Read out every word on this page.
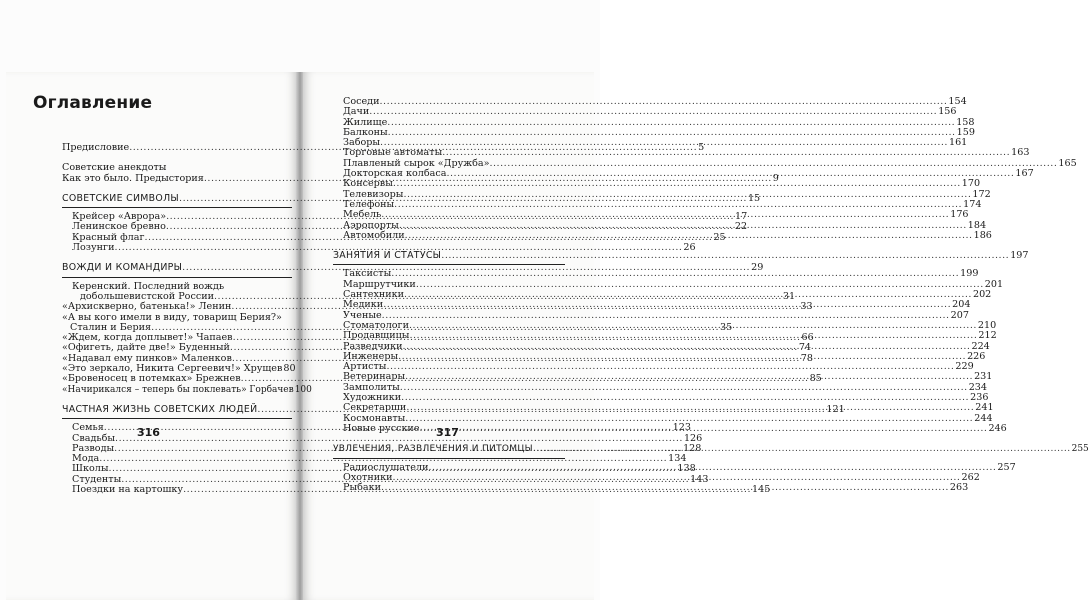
Оглавление
Предисловие .....	5
Советские анекдоты
Как это было. Предыстория .....	9
СОВЕТСКИЕ СИМВОЛЫ .....	15
Крейсер «Аврора» .....	17
Ленинское бревно .....	22
Красный флаг .....	25
Лозунги .....	26
ВОЖДИ И КОМАНДИРЫ .....	29
Керенский. Последний вождь
добольшевистской России .....	31
«Архискверно, батенька!» Ленин .....	33
«А вы кого имели в виду, товарищ Берия?»
Сталин и Берия .....	35
«Ждем, когда доплывет!» Чапаев .....	66
«Офигеть, дайте две!» Буденный .....	74
«Надавал ему пинков» Маленков .....	78
«Это зеркало, Никита Сергеевич!» Хрущев 80
«Бровеносец в потемках» Брежнев .....	85
«Начирикался – теперь бы поклевать» Горбачев 100
ЧАСТНАЯ ЖИЗНЬ СОВЕТСКИХ ЛЮДЕЙ .....	121
Семья .....	123
Свадьбы .....	126
Разводы .....	128
Мода .....	134
Школы .....	138
Студенты .....	143
Поездки на картошку .....	145
Соседи .....	154
Дачи .....	156
Жилище .....	158
Балконы .....	159
Заборы .....	161
Торговые автоматы .....	163
Плавленый сырок «Дружба» .....	165
Докторская колбаса .....	167
Консервы .....	170
Телевизоры .....	172
Телефоны .....	174
Мебель .....	176
Аэропорты .....	184
Автомобили .....	186
ЗАНЯТИЯ И СТАТУСЫ .....	197
Таксисты .....	199
Маршрутчики .....	201
Сантехники .....	202
Медики .....	204
Ученые .....	207
Стоматологи .....	210
Продавщицы .....	212
Разведчики .....	224
Инженеры .....	226
Артисты .....	229
Ветеринары .....	231
Замполиты .....	234
Художники .....	236
Секретарши .....	241
Космонавты .....	244
Новые русские .....	246
УВЛЕЧЕНИЯ, РАЗВЛЕЧЕНИЯ И ПИТОМЦЫ .....	255
Радиослушатели .....	257
Охотники .....	262
Рыбаки .....	263
316	317
